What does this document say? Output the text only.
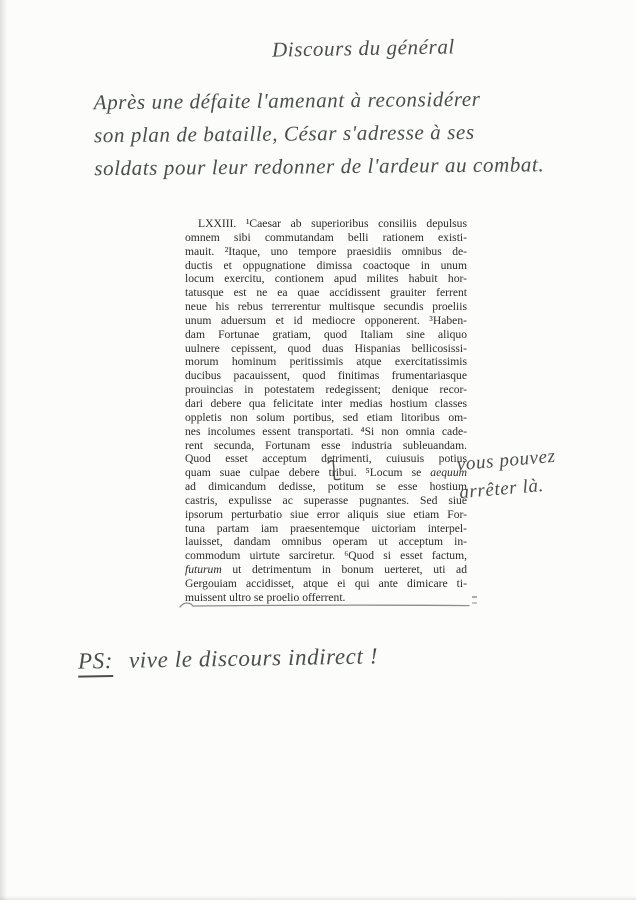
Discours du général
Après une défaite l'amenant à reconsidérer
son plan de bataille, César s'adresse à ses
soldats pour leur redonner de l'ardeur au combat.
LXXIII. ¹Caesar ab superioribus consiliis depulsus
omnem sibi commutandam belli rationem existi-
mauit. ²Itaque, uno tempore praesidiis omnibus de-
ductis et oppugnatione dimissa coactoque in unum
locum exercitu, contionem apud milites habuit hor-
tatusque est ne ea quae accidissent grauiter ferrent
neue his rebus terrerentur multisque secundis proeliis
unum aduersum et id mediocre opponerent. ³Haben-
dam Fortunae gratiam, quod Italiam sine aliquo
uulnere cepissent, quod duas Hispanias bellicosissi-
morum hominum peritissimis atque exercitatissimis
ducibus pacauissent, quod finitimas frumentariasque
prouincias in potestatem redegissent; denique recor-
dari debere qua felicitate inter medias hostium classes
oppletis non solum portibus, sed etiam litoribus om-
nes incolumes essent transportati. ⁴Si non omnia cade-
rent secunda, Fortunam esse industria subleuandam.
Quod esset acceptum detrimenti, cuiusuis potius
quam suae culpae debere tribui. ⁵Locum se aequum
ad dimicandum dedisse, potitum se esse hostium
castris, expulisse ac superasse pugnantes. Sed siue
ipsorum perturbatio siue error aliquis siue etiam For-
tuna partam iam praesentemque uictoriam interpel-
lauisset, dandam omnibus operam ut acceptum in-
commodum uirtute sarciretur. ⁶Quod si esset factum,
futurum ut detrimentum in bonum uerteret, uti ad
Gergouiam accidisset, atque ei qui ante dimicare ti-
muissent ultro se proelio offerrent.
vous pouvez
arrêter là.
PS: vive le discours indirect !
